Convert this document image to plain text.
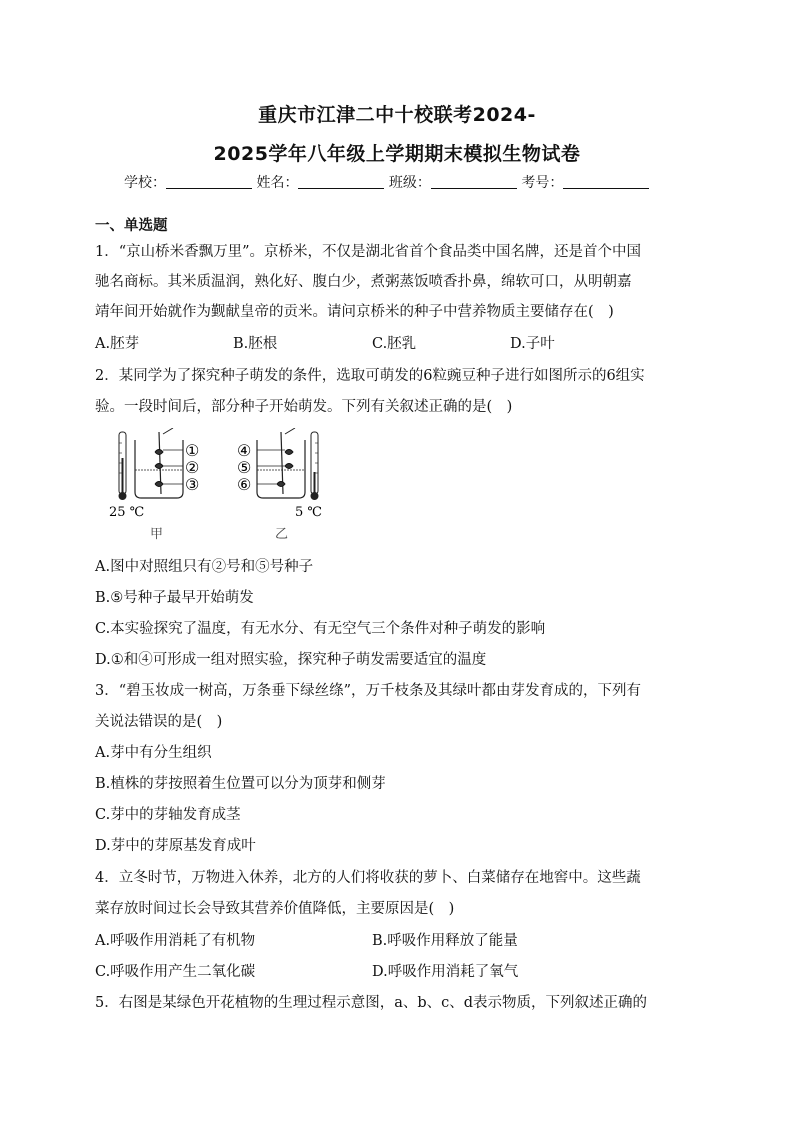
重庆市江津二中十校联考2024-
2025学年八年级上学期期末模拟生物试卷
学校：	姓名：	班级：	考号：
一、单选题
1．“京山桥米香飘万里”。京桥米，不仅是湖北省首个食品类中国名牌，还是首个中国
驰名商标。其米质温润，熟化好、腹白少，煮粥蒸饭喷香扑鼻，绵软可口，从明朝嘉
靖年间开始就作为觐献皇帝的贡米。请问京桥米的种子中营养物质主要储存在(　)
A.胚芽	B.胚根	C.胚乳	D.子叶
2．某同学为了探究种子萌发的条件，选取可萌发的6粒豌豆种子进行如图所示的6组实
验。一段时间后，部分种子开始萌发。下列有关叙述正确的是(　)
①
②
③
④
⑤
⑥
25 ℃	5 ℃
甲	乙
A.图中对照组只有②号和⑤号种子
B.⑤号种子最早开始萌发
C.本实验探究了温度，有无水分、有无空气三个条件对种子萌发的影响
D.①和④可形成一组对照实验，探究种子萌发需要适宜的温度
3．“碧玉妆成一树高，万条垂下绿丝绦”，万千枝条及其绿叶都由芽发育成的，下列有
关说法错误的是(　)
A.芽中有分生组织
B.植株的芽按照着生位置可以分为顶芽和侧芽
C.芽中的芽轴发育成茎
D.芽中的芽原基发育成叶
4．立冬时节，万物进入休养，北方的人们将收获的萝卜、白菜储存在地窖中。这些蔬
菜存放时间过长会导致其营养价值降低，主要原因是(　)
A.呼吸作用消耗了有机物	B.呼吸作用释放了能量
C.呼吸作用产生二氧化碳	D.呼吸作用消耗了氧气
5．右图是某绿色开花植物的生理过程示意图，a、b、c、d表示物质，下列叙述正确的
